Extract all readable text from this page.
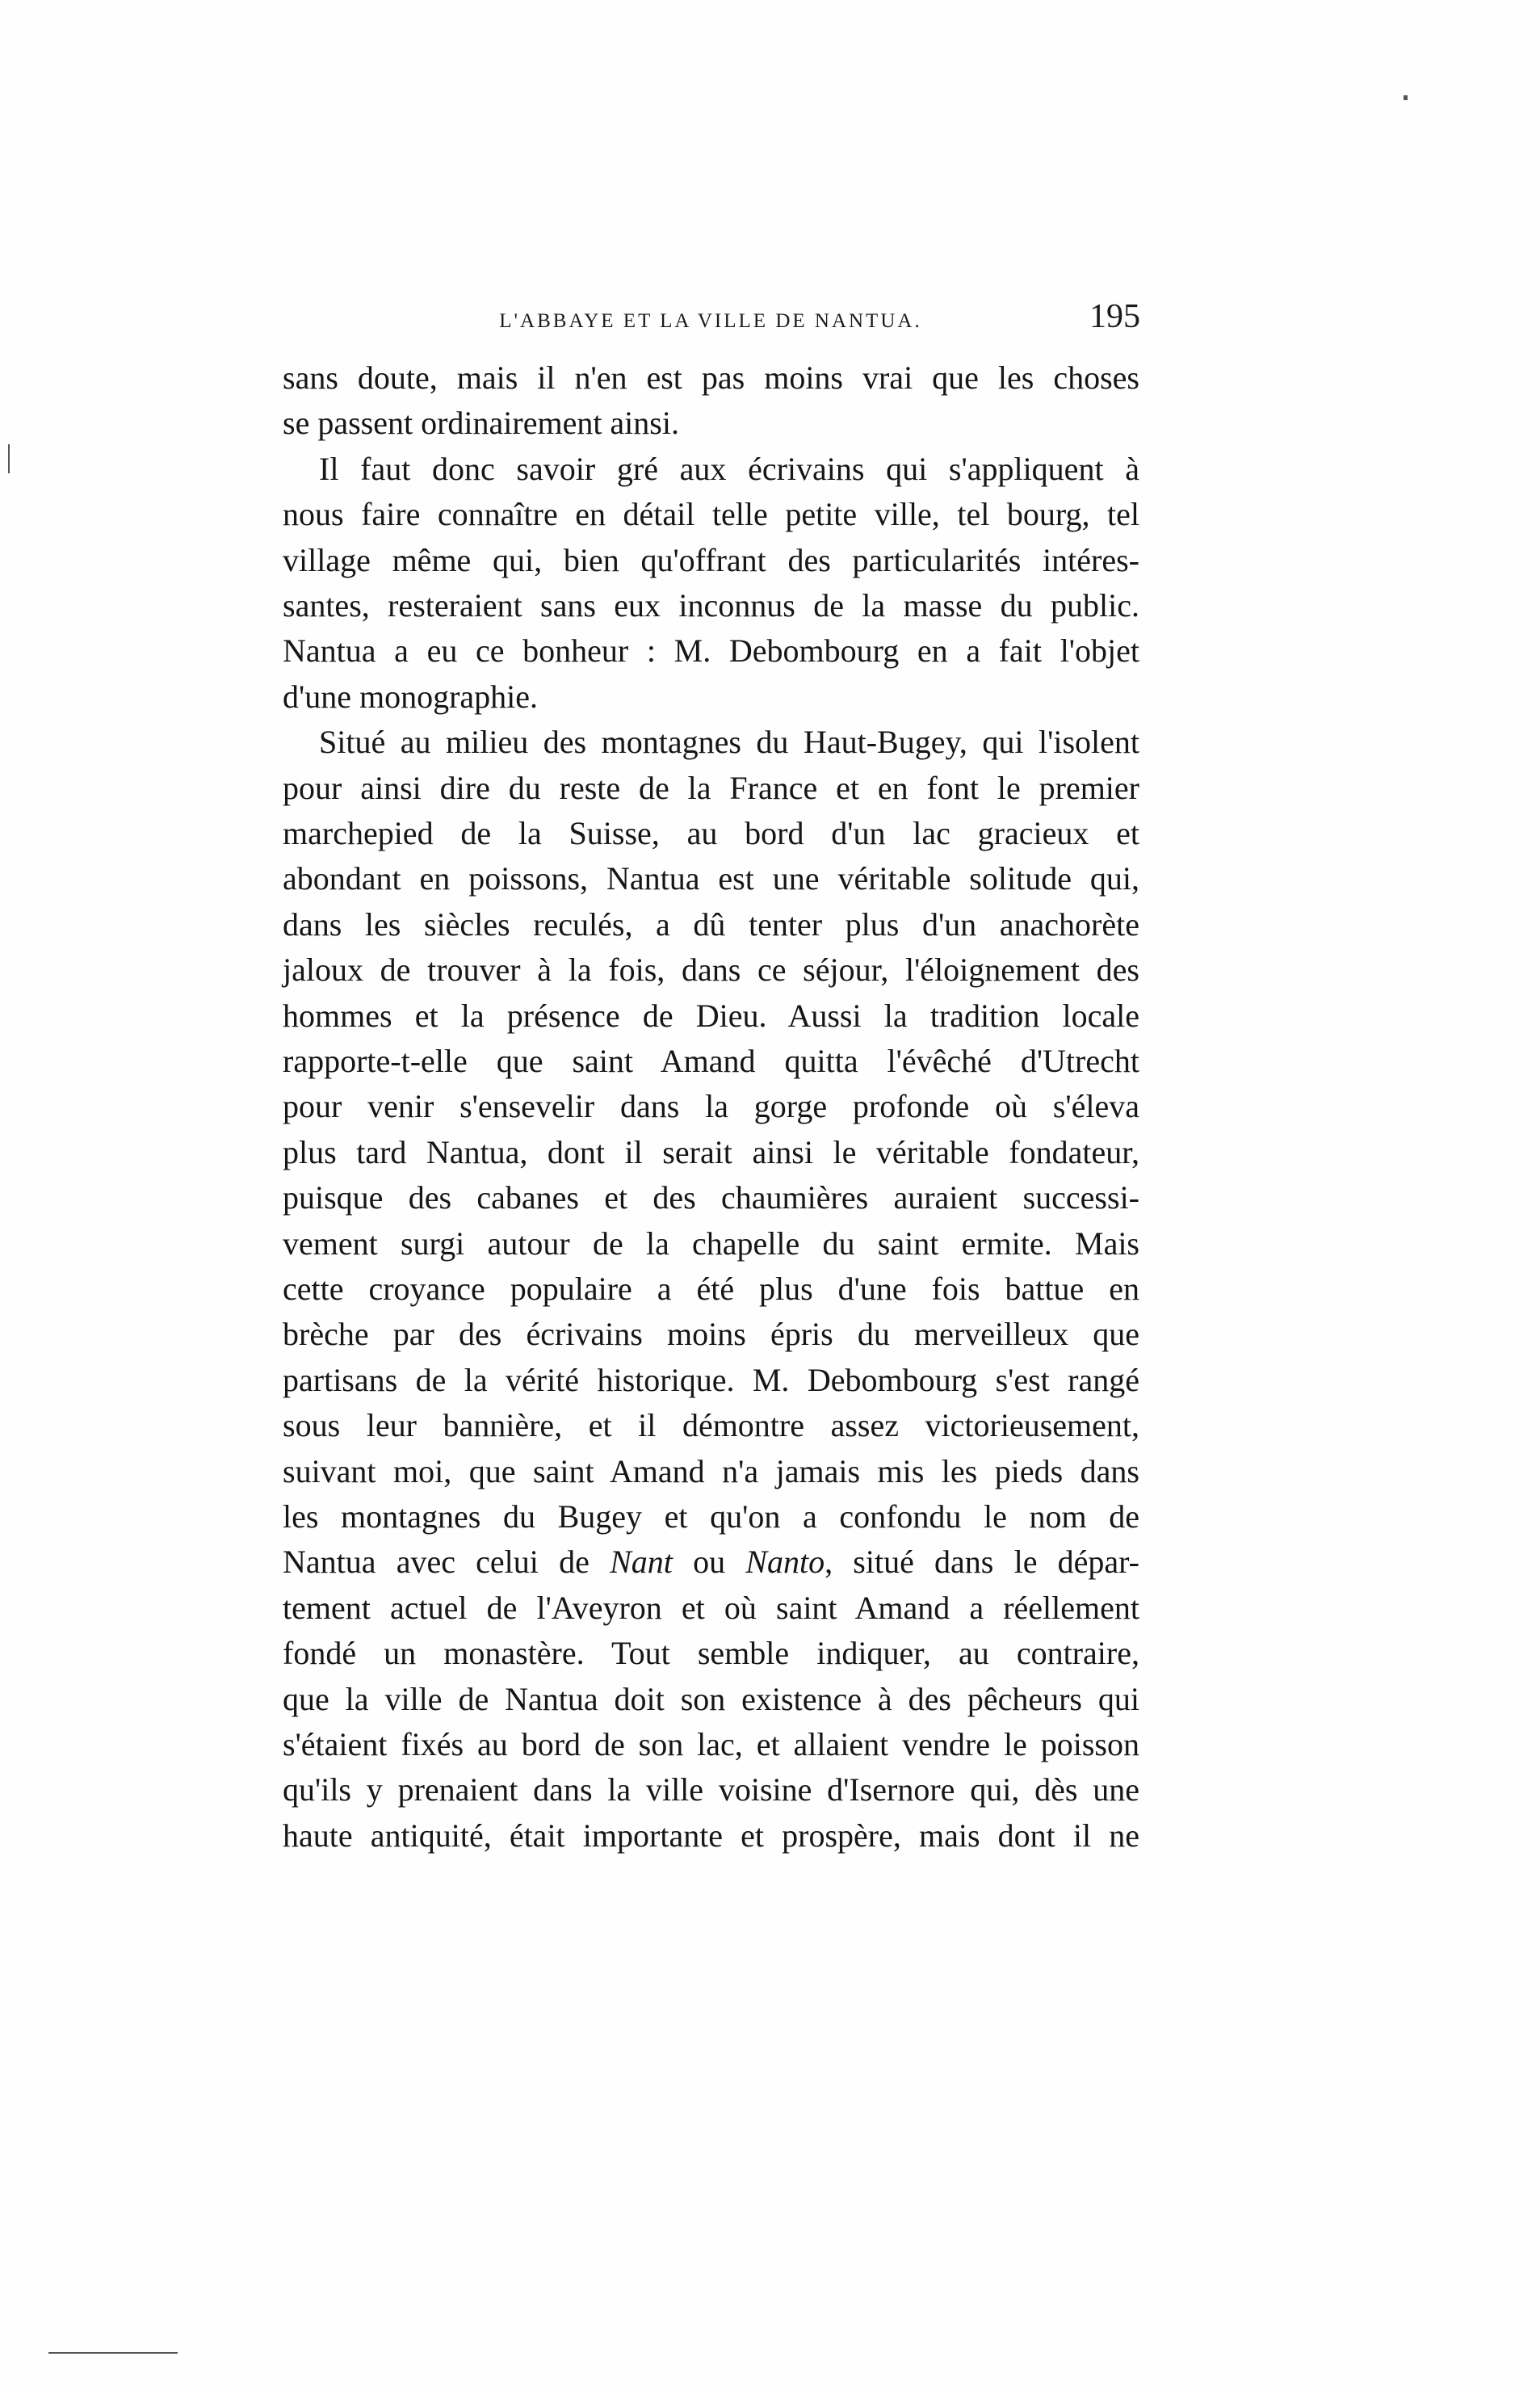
L'ABBAYE ET LA VILLE DE NANTUA.	195
sans doute, mais il n'en est pas moins vrai que les choses
se passent ordinairement ainsi.
Il faut donc savoir gré aux écrivains qui s'appliquent à
nous faire connaître en détail telle petite ville, tel bourg, tel
village même qui, bien qu'offrant des particularités intéres-
santes, resteraient sans eux inconnus de la masse du public.
Nantua a eu ce bonheur : M. Debombourg en a fait l'objet
d'une monographie.
Situé au milieu des montagnes du Haut-Bugey, qui l'isolent
pour ainsi dire du reste de la France et en font le premier
marchepied de la Suisse, au bord d'un lac gracieux et
abondant en poissons, Nantua est une véritable solitude qui,
dans les siècles reculés, a dû tenter plus d'un anachorète
jaloux de trouver à la fois, dans ce séjour, l'éloignement des
hommes et la présence de Dieu. Aussi la tradition locale
rapporte-t-elle que saint Amand quitta l'évêché d'Utrecht
pour venir s'ensevelir dans la gorge profonde où s'éleva
plus tard Nantua, dont il serait ainsi le véritable fondateur,
puisque des cabanes et des chaumières auraient successi-
vement surgi autour de la chapelle du saint ermite. Mais
cette croyance populaire a été plus d'une fois battue en
brèche par des écrivains moins épris du merveilleux que
partisans de la vérité historique. M. Debombourg s'est rangé
sous leur bannière, et il démontre assez victorieusement,
suivant moi, que saint Amand n'a jamais mis les pieds dans
les montagnes du Bugey et qu'on a confondu le nom de
Nantua avec celui de Nant ou Nanto, situé dans le dépar-
tement actuel de l'Aveyron et où saint Amand a réellement
fondé un monastère. Tout semble indiquer, au contraire,
que la ville de Nantua doit son existence à des pêcheurs qui
s'étaient fixés au bord de son lac, et allaient vendre le poisson
qu'ils y prenaient dans la ville voisine d'Isernore qui, dès une
haute antiquité, était importante et prospère, mais dont il ne
